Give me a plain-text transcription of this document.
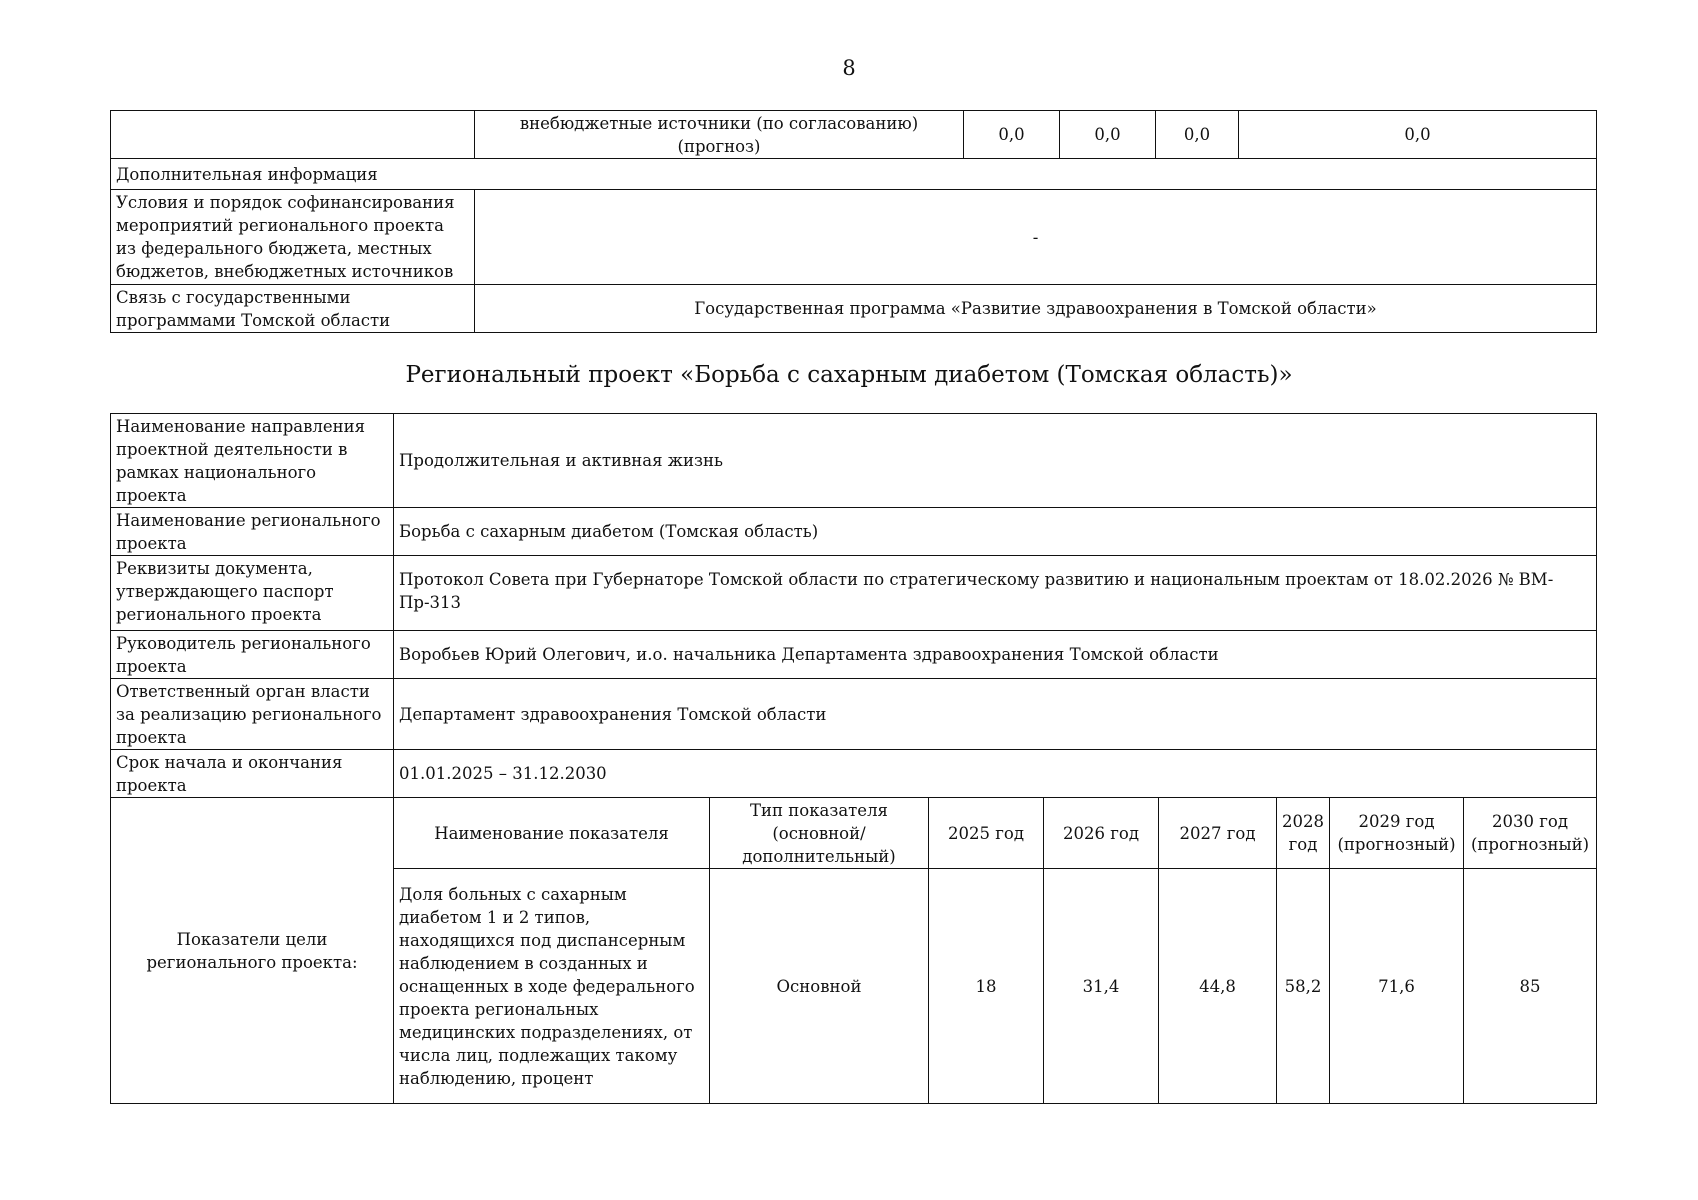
8
	внебюджетные источники (по согласованию) (прогноз)	0,0	0,0	0,0	0,0
Дополнительная информация					
Условия и порядок софинансирования мероприятий регионального проекта из федерального бюджета, местных бюджетов, внебюджетных источников	-				
Связь с государственными программами Томской области	Государственная программа «Развитие здравоохранения в Томской области»				
Региональный проект «Борьба с сахарным диабетом (Томская область)»
Наименование направления проектной деятельности в рамках национального проекта	Продолжительная и активная жизнь							
Наименование регионального проекта	Борьба с сахарным диабетом (Томская область)							
Реквизиты документа, утверждающего паспорт регионального проекта	Протокол Совета при Губернаторе Томской области по стратегическому развитию и национальным проектам от 18.02.2026 № ВМ-Пр-313							
Руководитель регионального проекта	Воробьев Юрий Олегович, и.о. начальника Департамента здравоохранения Томской области							
Ответственный орган власти за реализацию регионального проекта	Департамент здравоохранения Томской области							
Срок начала и окончания проекта	01.01.2025 – 31.12.2030							
Показатели цели регионального проекта:	Наименование показателя	Тип показателя (основной/ дополнительный)	2025 год	2026 год	2027 год	2028 год	2029 год (прогнозный)	2030 год (прогнозный)
	Доля больных с сахарным диабетом 1 и 2 типов, находящихся под диспансерным наблюдением в созданных и оснащенных в ходе федерального проекта региональных медицинских подразделениях, от числа лиц, подлежащих такому наблюдению, процент	Основной	18	31,4	44,8	58,2	71,6	85
